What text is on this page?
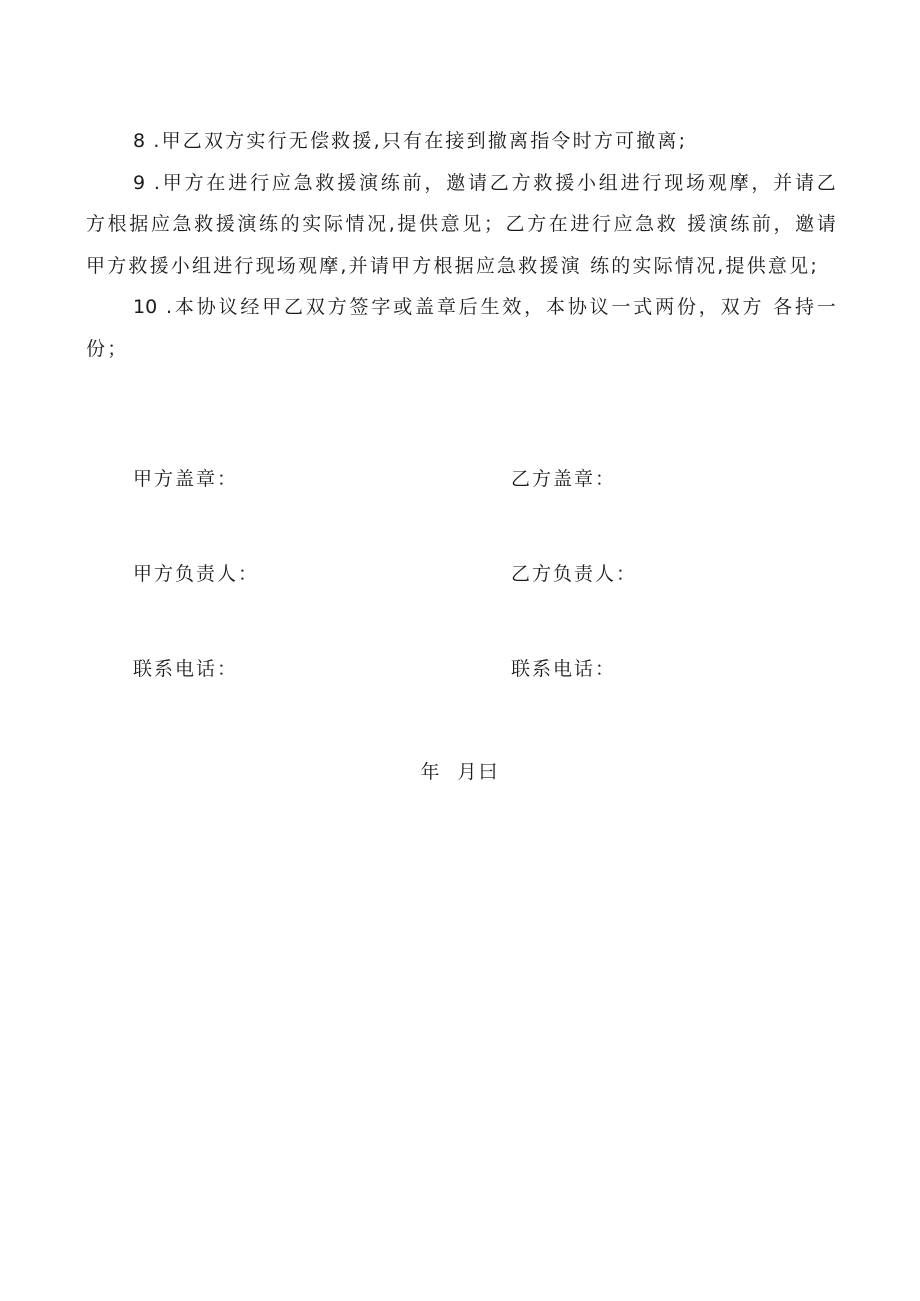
8 .甲乙双方实行无偿救援,只有在接到撤离指令时方可撤离;

9 .甲方在进行应急救援演练前，邀请乙方救援小组进行现场观摩，并请乙方根据应急救援演练的实际情况,提供意见；乙方在进行应急救 援演练前，邀请甲方救援小组进行现场观摩,并请甲方根据应急救援演 练的实际情况,提供意见;

10 .本协议经甲乙双方签字或盖章后生效，本协议一式两份，双方 各持一份；

甲方盖章：	乙方盖章：
甲方负责人：	乙方负责人：
联系电话：	联系电话：
年  月曰
